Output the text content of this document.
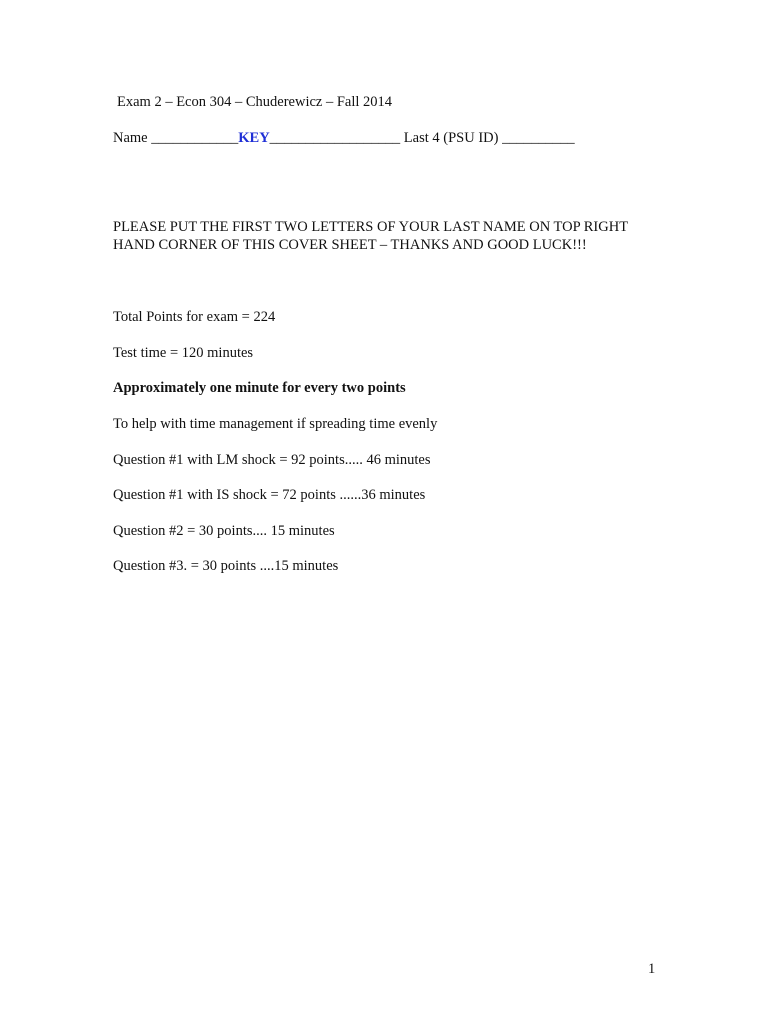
Exam 2 – Econ 304 – Chuderewicz – Fall 2014
Name ____________KEY__________________ Last 4 (PSU ID) __________
PLEASE PUT THE FIRST TWO LETTERS OF YOUR LAST NAME ON TOP RIGHT
HAND CORNER OF THIS COVER SHEET – THANKS AND GOOD LUCK!!!
Total Points for exam = 224
Test time = 120 minutes
Approximately one minute for every two points
To help with time management if spreading time evenly
Question #1 with LM shock = 92 points..... 46 minutes
Question #1 with IS shock = 72 points ......36 minutes
Question #2 = 30 points.... 15 minutes
Question #3. = 30 points ....15 minutes
1
